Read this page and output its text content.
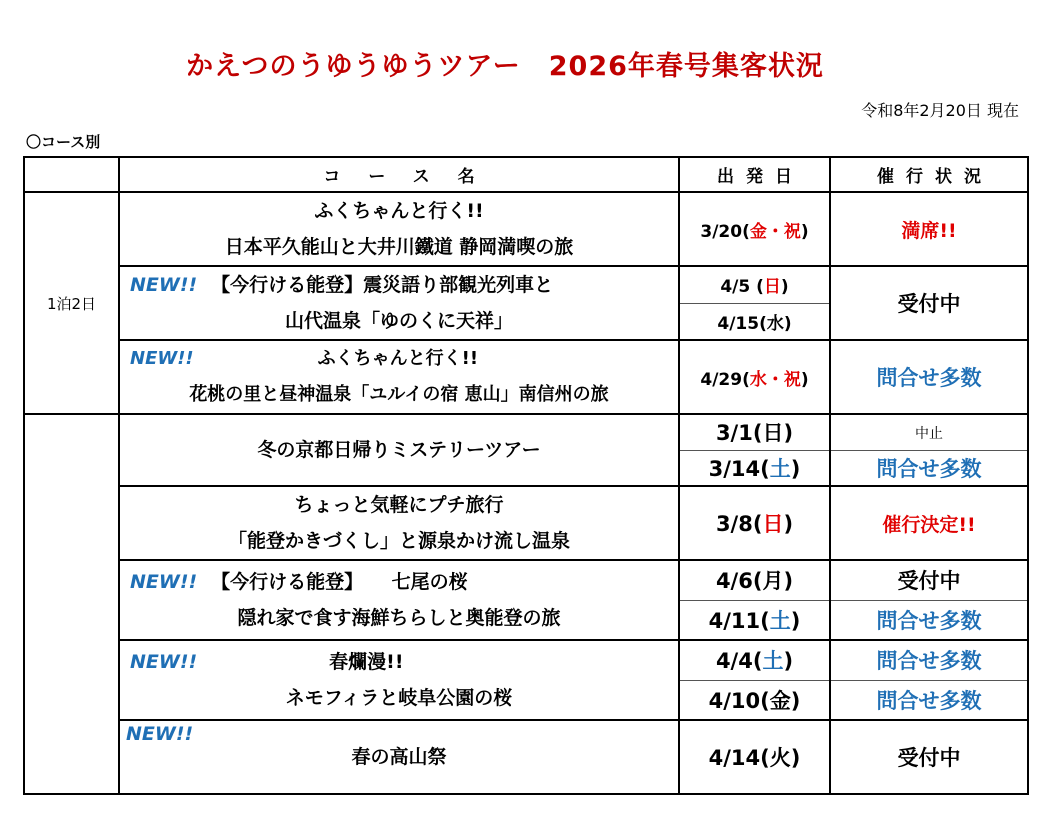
かえつのうゆうゆうツアー　2026年春号集客状況
令和8年2月20日 現在
〇コース別
	コース名	出発日	催行状況
1泊2日	ふくちゃんと行く!!
日本平久能山と大井川鐵道 静岡満喫の旅	3/20(金・祝)	満席!!

	NEW!! 【今行ける能登】震災語り部観光列車と
山代温泉「ゆのくに天祥」	4/5 (日)	受付中
		4/15(水)	

	NEW!! ふくちゃんと行く!!
花桃の里と昼神温泉「ユルイの宿 恵山」南信州の旅	4/29(水・祝)	問合せ多数

	冬の京都日帰りミステリーツアー	3/1(日)	中止
		3/14(土)	問合せ多数

	ちょっと気軽にプチ旅行
「能登かきづくし」と源泉かけ流し温泉	3/8(日)	催行決定!!

	NEW!! 【今行ける能登】　　七尾の桜
隠れ家で食す海鮮ちらしと奥能登の旅	4/6(月)	受付中
		4/11(土)	問合せ多数

	NEW!! 春爛漫!!
ネモフィラと岐阜公園の桜	4/4(土)	問合せ多数
		4/10(金)	問合せ多数

	NEW!!
春の高山祭	4/14(火)	受付中
